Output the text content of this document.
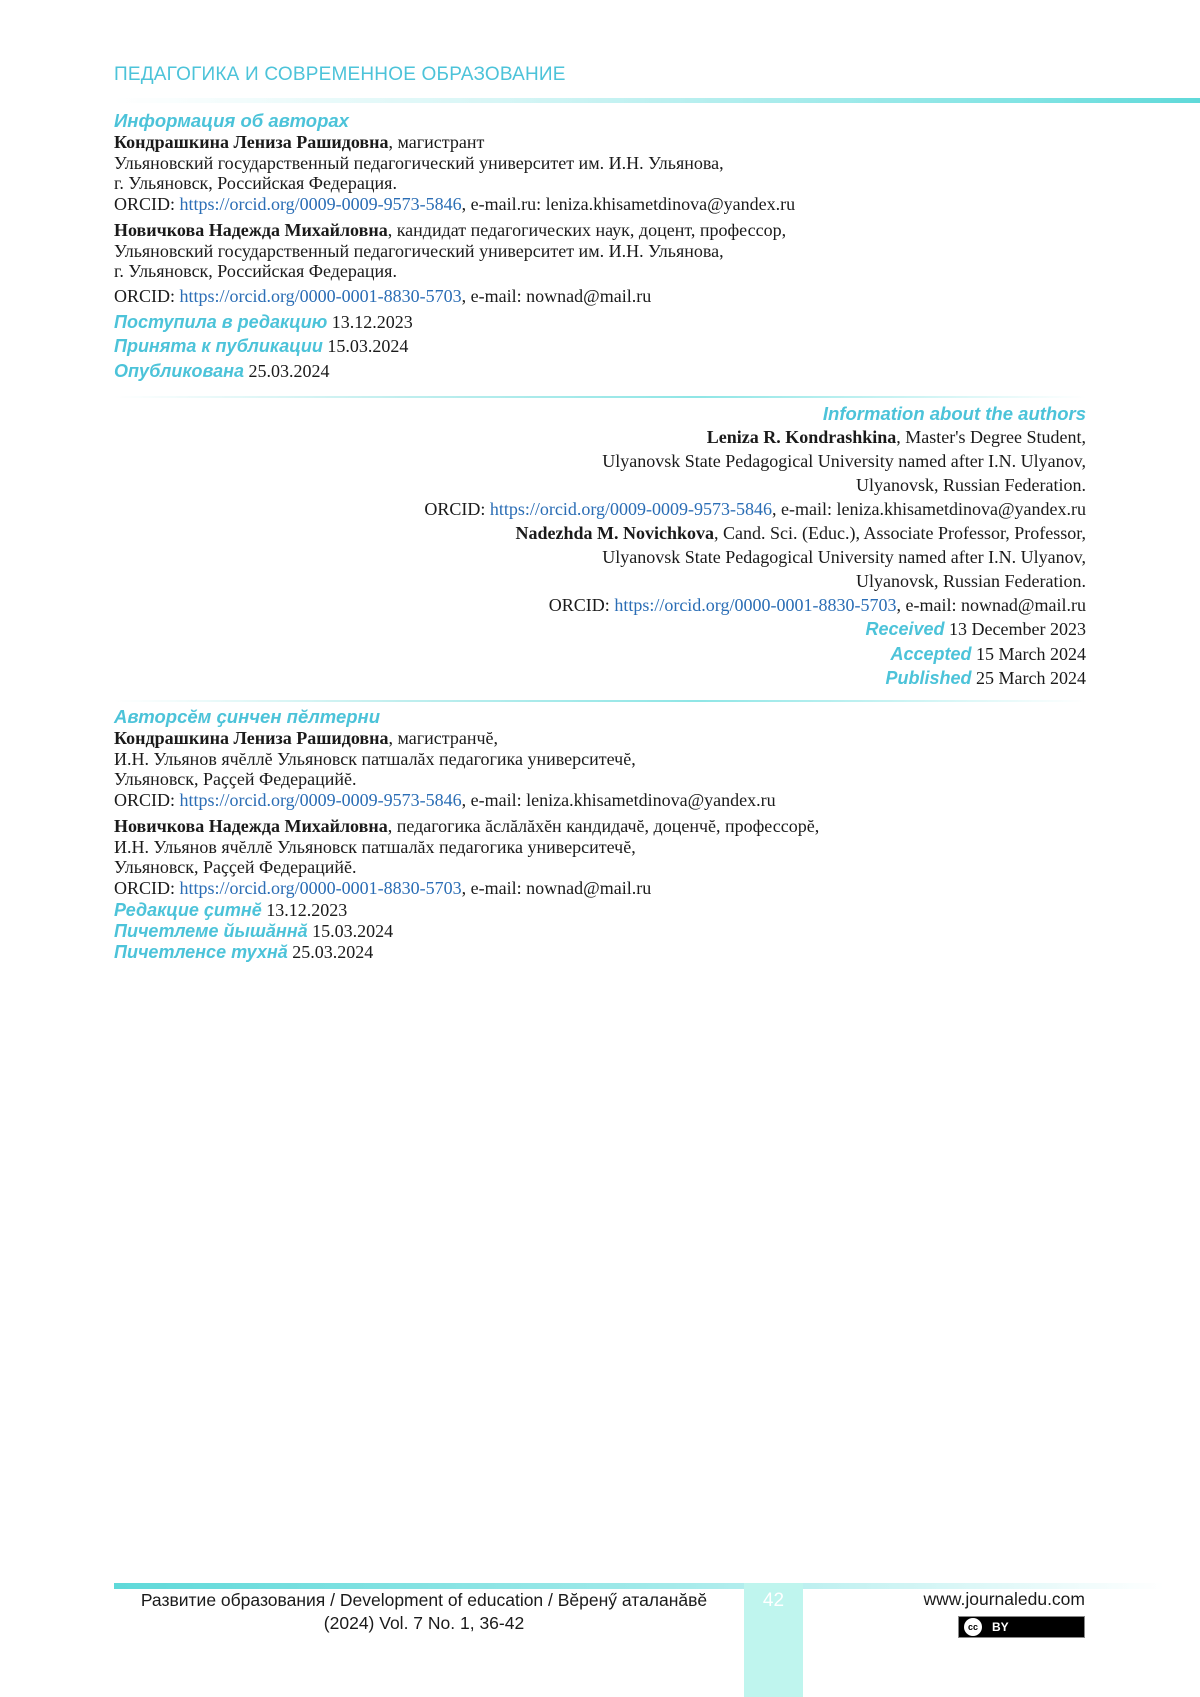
ПЕДАГОГИКА И СОВРЕМЕННОЕ ОБРАЗОВАНИЕ
Информация об авторах
Кондрашкина Лениза Рашидовна, магистрант
Ульяновский государственный педагогический университет им. И.Н. Ульянова,
г. Ульяновск, Российская Федерация.
ORCID: https://orcid.org/0009-0009-9573-5846, e-mail.ru: leniza.khisametdinova@yandex.ru
Новичкова Надежда Михайловна, кандидат педагогических наук, доцент, профессор,
Ульяновский государственный педагогический университет им. И.Н. Ульянова,
г. Ульяновск, Российская Федерация.
ORCID: https://orcid.org/0000-0001-8830-5703, e-mail: nownad@mail.ru
Поступила в редакцию 13.12.2023
Принята к публикации 15.03.2024
Опубликована 25.03.2024
Information about the authors
Leniza R. Kondrashkina, Master's Degree Student,
Ulyanovsk State Pedagogical University named after I.N. Ulyanov,
Ulyanovsk, Russian Federation.
ORCID: https://orcid.org/0009-0009-9573-5846, e-mail: leniza.khisametdinova@yandex.ru
Nadezhda M. Novichkova, Cand. Sci. (Educ.), Associate Professor, Professor,
Ulyanovsk State Pedagogical University named after I.N. Ulyanov,
Ulyanovsk, Russian Federation.
ORCID: https://orcid.org/0000-0001-8830-5703, e-mail: nownad@mail.ru
Received 13 December 2023
Accepted 15 March 2024
Published 25 March 2024
Авторсĕм ҫинчен пĕлтерни
Кондрашкина Лениза Рашидовна, магистранчĕ,
И.Н. Ульянов ячĕллĕ Ульяновск патшалăх педагогика университечĕ,
Ульяновск, Раҫҫей Федерацийĕ.
ORCID: https://orcid.org/0009-0009-9573-5846, e-mail: leniza.khisametdinova@yandex.ru
Новичкова Надежда Михайловна, педагогика ăслăлăхĕн кандидачĕ, доценчĕ, профессорĕ,
И.Н. Ульянов ячĕллĕ Ульяновск патшалăх педагогика университечĕ,
Ульяновск, Раҫҫей Федерацийĕ.
ORCID: https://orcid.org/0000-0001-8830-5703, e-mail: nownad@mail.ru
Редакцие ҫитнĕ 13.12.2023
Пичетлеме йышăннă 15.03.2024
Пичетленсе тухнă 25.03.2024
42
Развитие образования / Development of education / Вĕренӳ аталанăвĕ
(2024) Vol. 7 No. 1, 36-42
www.journaledu.com
cc	BY
